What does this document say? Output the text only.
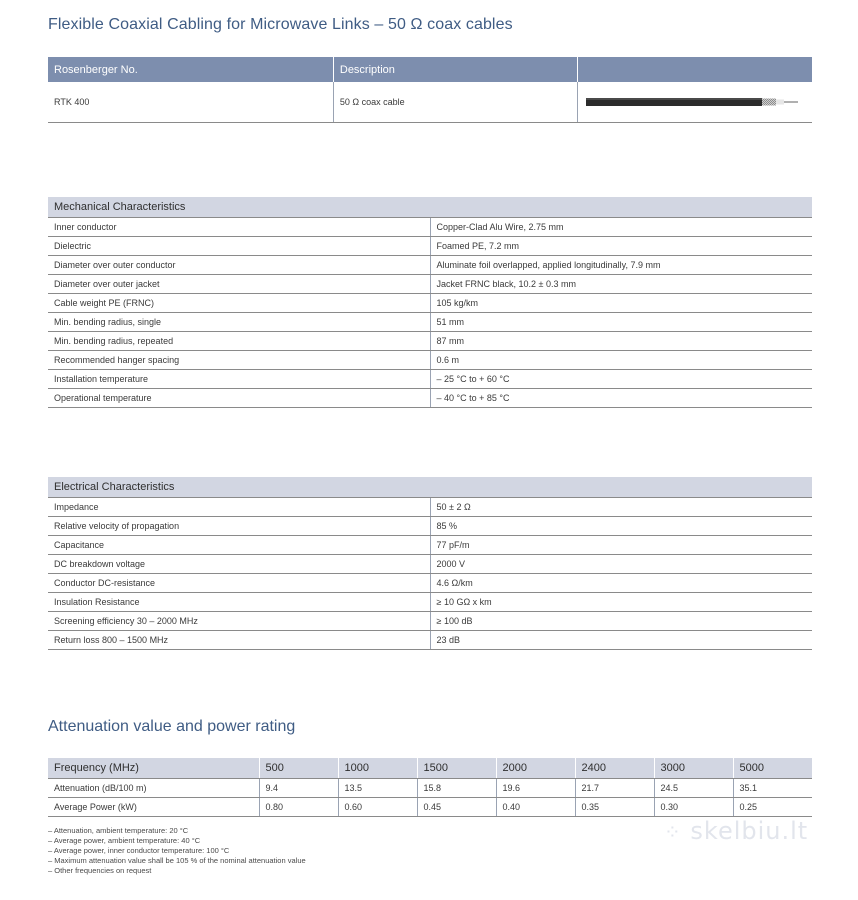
Flexible Coaxial Cabling for Microwave Links – 50 Ω coax cables
Rosenberger No.	Description	
RTK 400	50 Ω coax cable	
Mechanical Characteristics	
Inner conductor	Copper-Clad Alu Wire, 2.75 mm
Dielectric	Foamed PE, 7.2 mm
Diameter over outer conductor	Aluminate foil overlapped, applied longitudinally, 7.9 mm
Diameter over outer jacket	Jacket FRNC black, 10.2 ± 0.3 mm
Cable weight PE (FRNC)	105 kg/km
Min. bending radius, single	51 mm
Min. bending radius, repeated	87 mm
Recommended hanger spacing	0.6 m
Installation temperature	– 25 °C to + 60 °C
Operational temperature	– 40 °C to + 85 °C
Electrical Characteristics	
Impedance	50 ± 2 Ω
Relative velocity of propagation	85 %
Capacitance	77 pF/m
DC breakdown voltage	2000 V
Conductor DC-resistance	4.6 Ω/km
Insulation Resistance	≥ 10 GΩ x km
Screening efficiency 30 – 2000 MHz	≥ 100 dB
Return loss 800 – 1500 MHz	23 dB
Attenuation value and power rating
Frequency (MHz)	500	1000	1500	2000	2400	3000	5000
Attenuation (dB/100 m)	9.4	13.5	15.8	19.6	21.7	24.5	35.1
Average Power (kW)	0.80	0.60	0.45	0.40	0.35	0.30	0.25
– Attenuation, ambient temperature: 20 °C
– Average power, ambient temperature: 40 °C
– Average power, inner conductor temperature: 100 °C
– Maximum attenuation value shall be 105 % of the nominal attenuation value
– Other frequencies on request
⁘ skelbiu.lt
